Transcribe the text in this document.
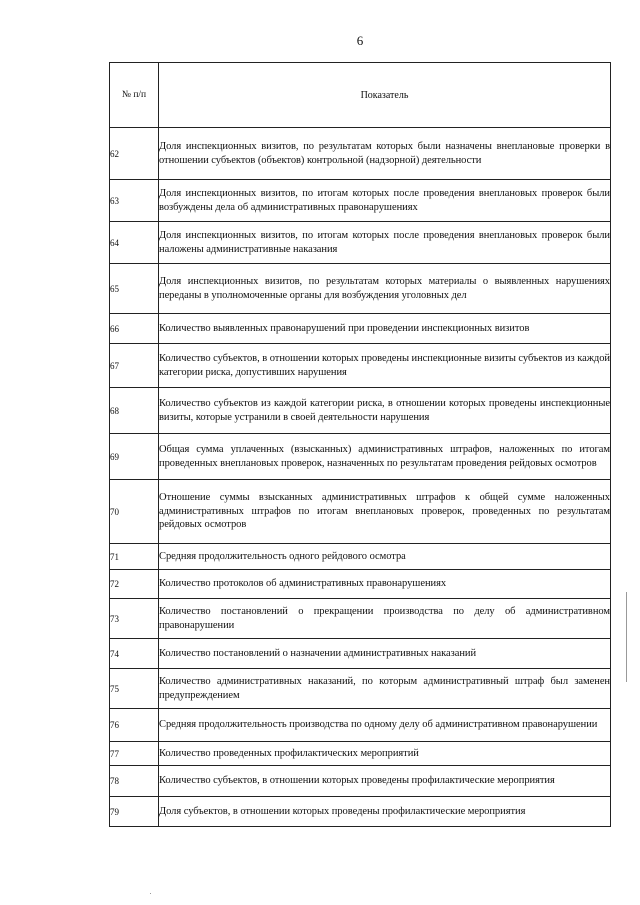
6
№ п/п	Показатель
62	Доля инспекционных визитов, по результатам которых были назначены внеплановые проверки в отношении субъектов (объектов) контрольной (надзорной) деятельности
63	Доля инспекционных визитов, по итогам которых после проведения внеплановых проверок были возбуждены дела об административных правонарушениях
64	Доля инспекционных визитов, по итогам которых после проведения внеплановых проверок были наложены административные наказания
65	Доля инспекционных визитов, по результатам которых материалы о выявленных нарушениях переданы в уполномоченные органы для возбуждения уголовных дел
66	Количество выявленных правонарушений при проведении инспекционных визитов
67	Количество субъектов, в отношении которых проведены инспекционные визиты субъектов из каждой категории риска, допустивших нарушения
68	Количество субъектов из каждой категории риска, в отношении которых проведены инспекционные визиты, которые устранили в своей деятельности нарушения
69	Общая сумма уплаченных (взысканных) административных штрафов, наложенных по итогам проведенных внеплановых проверок, назначенных по результатам проведения рейдовых осмотров
70	Отношение суммы взысканных административных штрафов к общей сумме наложенных административных штрафов по итогам внеплановых проверок, проведенных по результатам рейдовых осмотров
71	Средняя продолжительность одного рейдового осмотра
72	Количество протоколов об административных правонарушениях
73	Количество постановлений о прекращении производства по делу об административном правонарушении
74	Количество постановлений о назначении административных наказаний
75	Количество административных наказаний, по которым административный штраф был заменен предупреждением
76	Средняя продолжительность производства по одному делу об административном правонарушении
77	Количество проведенных профилактических мероприятий
78	Количество субъектов, в отношении которых проведены профилактические мероприятия
79	Доля субъектов, в отношении которых проведены профилактические мероприятия
